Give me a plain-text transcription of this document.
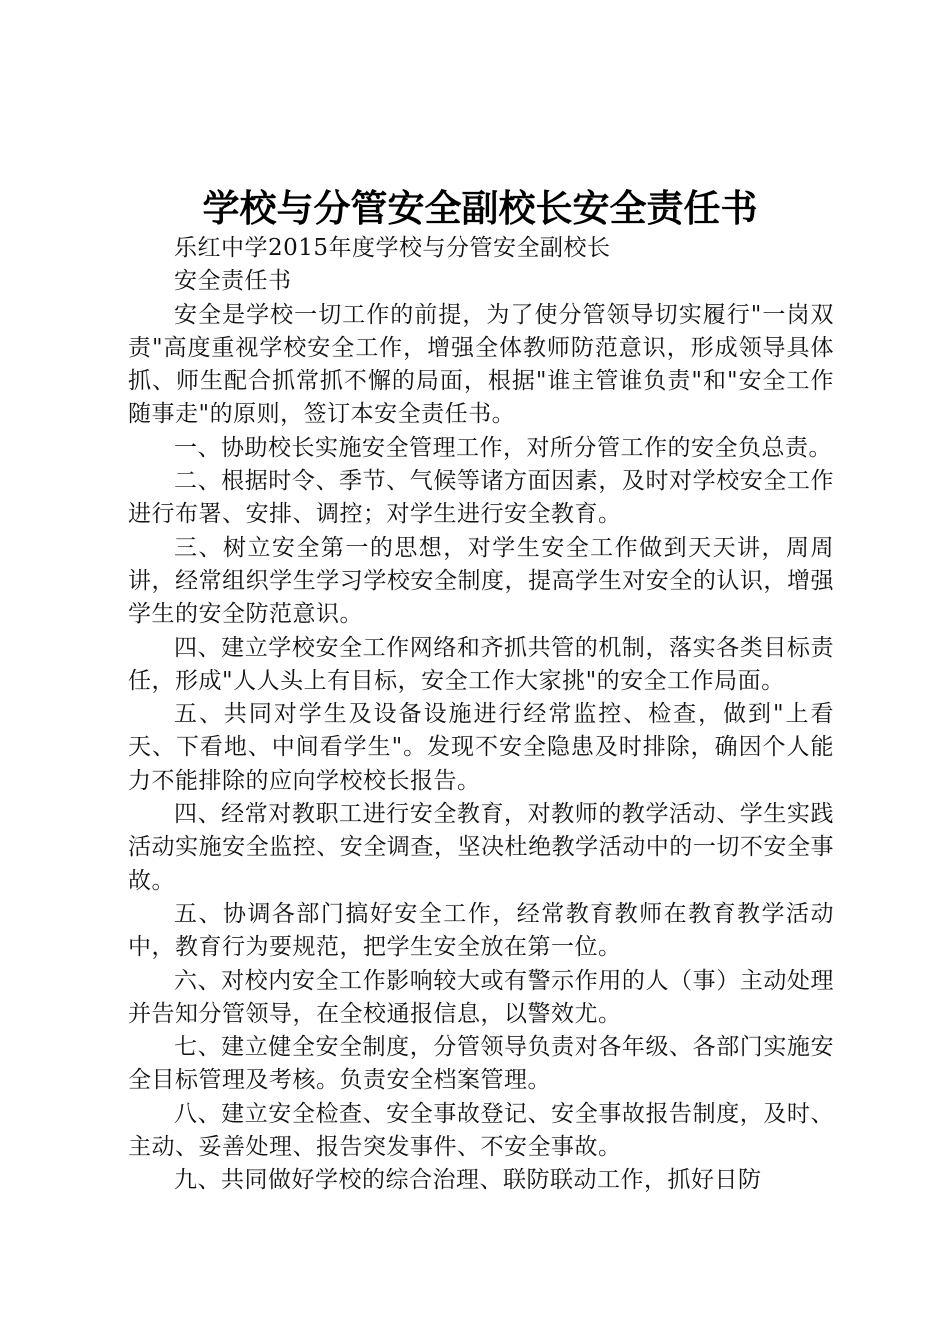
学校与分管安全副校长安全责任书

乐红中学2015年度学校与分管安全副校长

安全责任书

安全是学校一切工作的前提，为了使分管领导切实履行"一岗双责"高度重视学校安全工作，增强全体教师防范意识，形成领导具体抓、师生配合抓常抓不懈的局面，根据"谁主管谁负责"和"安全工作随事走"的原则，签订本安全责任书。

一、协助校长实施安全管理工作，对所分管工作的安全负总责。

二、根据时令、季节、气候等诸方面因素，及时对学校安全工作进行布署、安排、调控；对学生进行安全教育。

三、树立安全第一的思想，对学生安全工作做到天天讲，周周讲，经常组织学生学习学校安全制度，提高学生对安全的认识，增强学生的安全防范意识。

四、建立学校安全工作网络和齐抓共管的机制，落实各类目标责任，形成"人人头上有目标，安全工作大家挑"的安全工作局面。

五、共同对学生及设备设施进行经常监控、检查，做到"上看天、下看地、中间看学生"。发现不安全隐患及时排除，确因个人能力不能排除的应向学校校长报告。

四、经常对教职工进行安全教育，对教师的教学活动、学生实践活动实施安全监控、安全调查，坚决杜绝教学活动中的一切不安全事故。

五、协调各部门搞好安全工作，经常教育教师在教育教学活动中，教育行为要规范，把学生安全放在第一位。

六、对校内安全工作影响较大或有警示作用的人（事）主动处理并告知分管领导，在全校通报信息，以警效尤。

七、建立健全安全制度，分管领导负责对各年级、各部门实施安全目标管理及考核。负责安全档案管理。

八、建立安全检查、安全事故登记、安全事故报告制度，及时、主动、妥善处理、报告突发事件、不安全事故。

九、共同做好学校的综合治理、联防联动工作，抓好日防
